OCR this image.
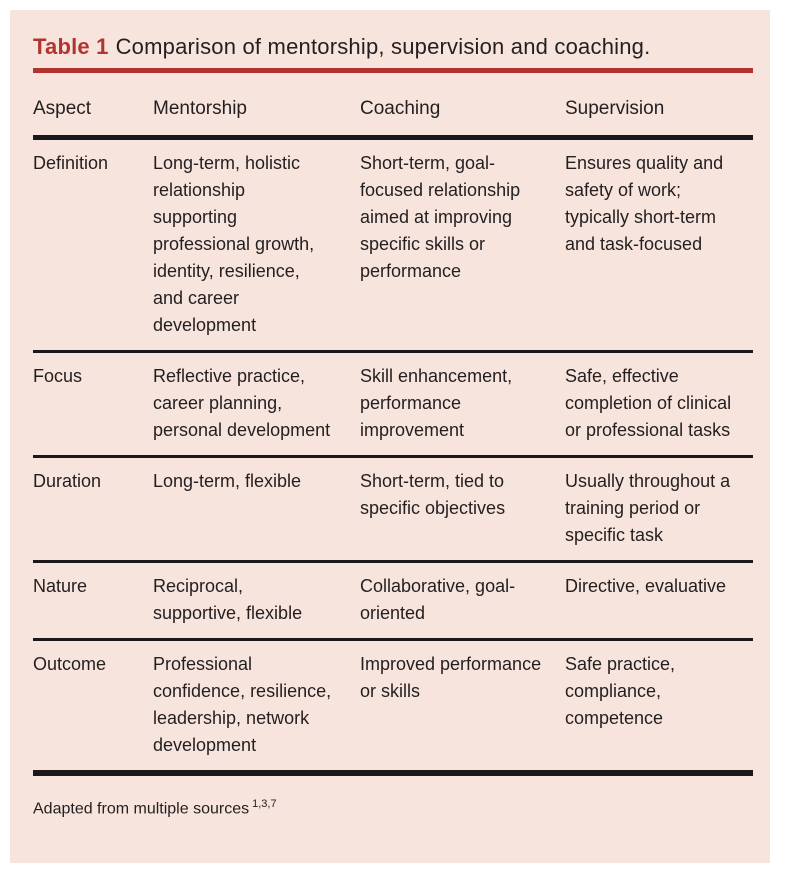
Table 1 Comparison of mentorship, supervision and coaching.
Aspect	Mentorship	Coaching	Supervision
Definition	Long-term, holistic relationship supporting professional growth, identity, resilience, and career development	Short-term, goal-focused relationship aimed at improving specific skills or performance	Ensures quality and safety of work; typically short-term and task-focused
Focus	Reflective practice, career planning, personal development	Skill enhancement, performance improvement	Safe, effective completion of clinical or professional tasks
Duration	Long-term, flexible	Short-term, tied to specific objectives	Usually throughout a training period or specific task
Nature	Reciprocal, supportive, flexible	Collaborative, goal-oriented	Directive, evaluative
Outcome	Professional confidence, resilience, leadership, network development	Improved performance or skills	Safe practice, compliance, competence
Adapted from multiple sources $^{1,3,7}$
